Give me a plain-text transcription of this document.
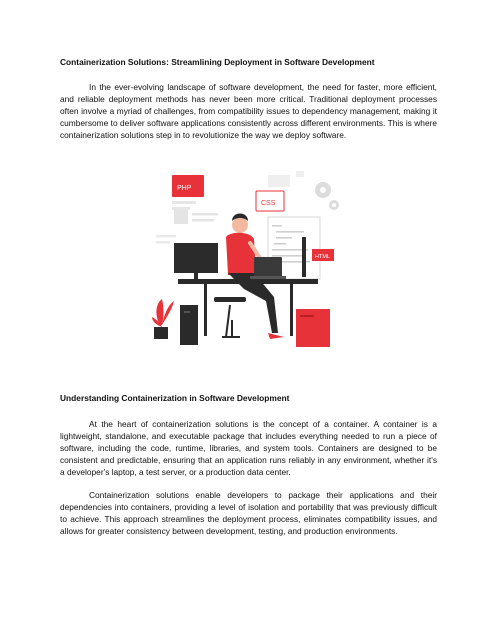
Containerization Solutions: Streamlining Deployment in Software Development

In the ever-evolving landscape of software development, the need for faster, more efficient, and reliable deployment methods has never been more critical. Traditional deployment processes often involve a myriad of challenges, from compatibility issues to dependency management, making it cumbersome to deliver software applications consistently across different environments. This is where containerization solutions step in to revolutionize the way we deploy software.

PHP
CSS
HTML
Understanding Containerization in Software Development

At the heart of containerization solutions is the concept of a container. A container is a lightweight, standalone, and executable package that includes everything needed to run a piece of software, including the code, runtime, libraries, and system tools. Containers are designed to be consistent and predictable, ensuring that an application runs reliably in any environment, whether it's a developer's laptop, a test server, or a production data center.

Containerization solutions enable developers to package their applications and their dependencies into containers, providing a level of isolation and portability that was previously difficult to achieve. This approach streamlines the deployment process, eliminates compatibility issues, and allows for greater consistency between development, testing, and production environments.
